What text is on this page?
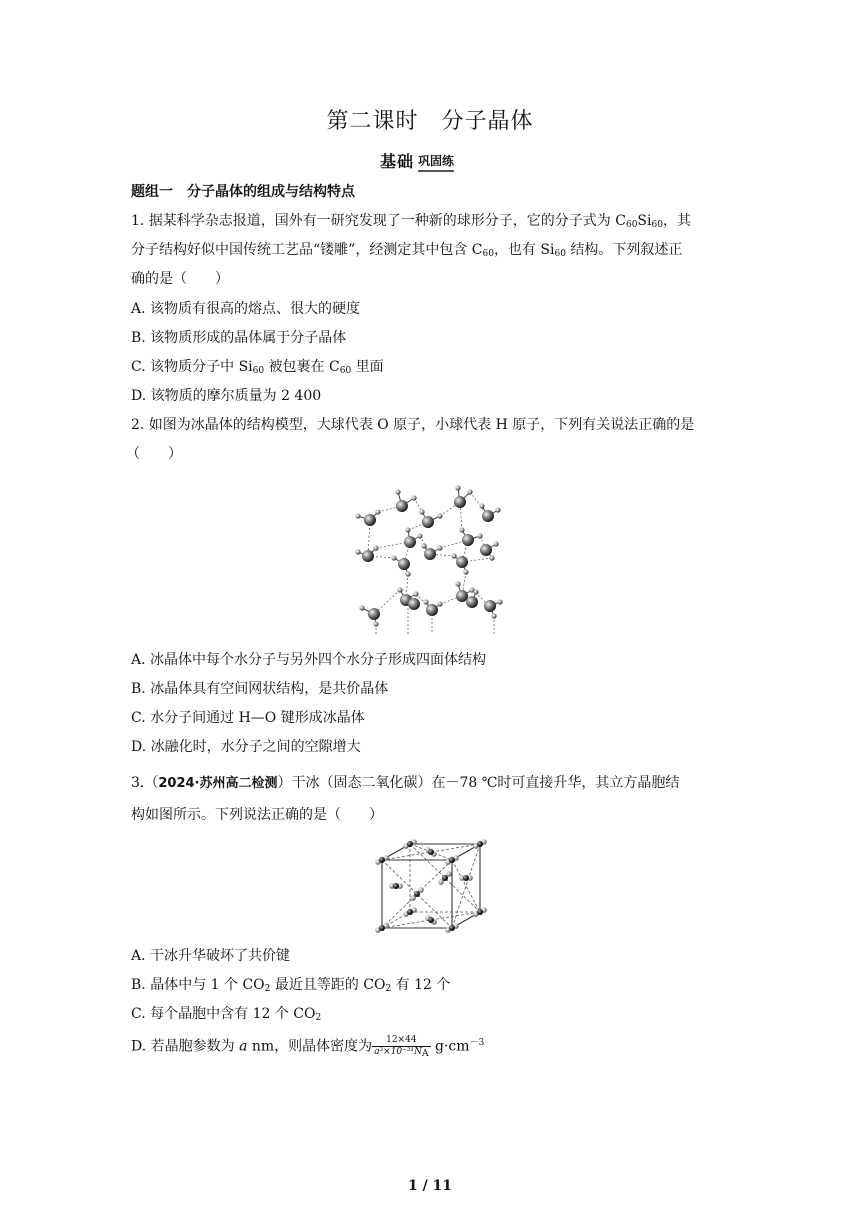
第二课时　分子晶体
基础 巩固练
题组一　分子晶体的组成与结构特点
1. 据某科学杂志报道，国外有一研究发现了一种新的球形分子，它的分子式为 $C_{60}Si_{60}$，其
分子结构好似中国传统工艺品“镂雕”，经测定其中包含 $C_{60}$，也有 $Si_{60}$ 结构。下列叙述正
确的是（　　）
A. 该物质有很高的熔点、很大的硬度
B. 该物质形成的晶体属于分子晶体
C. 该物质分子中 $Si_{60}$ 被包裹在 $C_{60}$ 里面
D. 该物质的摩尔质量为 2 400
2. 如图为冰晶体的结构模型，大球代表 O 原子，小球代表 H 原子，下列有关说法正确的是
（　　）
A. 冰晶体中每个水分子与另外四个水分子形成四面体结构
B. 冰晶体具有空间网状结构，是共价晶体
C. 水分子间通过 H—O 键形成冰晶体
D. 冰融化时，水分子之间的空隙增大
3.（2024·苏州高二检测）干冰（固态二氧化碳）在－78 ℃时可直接升华，其立方晶胞结
构如图所示。下列说法正确的是（　　）
A. 干冰升华破坏了共价键
B. 晶体中与 1 个 $CO_2$ 最近且等距的 $CO_2$ 有 12 个
C. 每个晶胞中含有 12 个 $CO_2$
D. 若晶胞参数为 a nm，则晶体密度为 $\frac{12\times 44}{a^3\times 10^{-21}N_A} g\cdot cm^{-3}$
1 / 11
